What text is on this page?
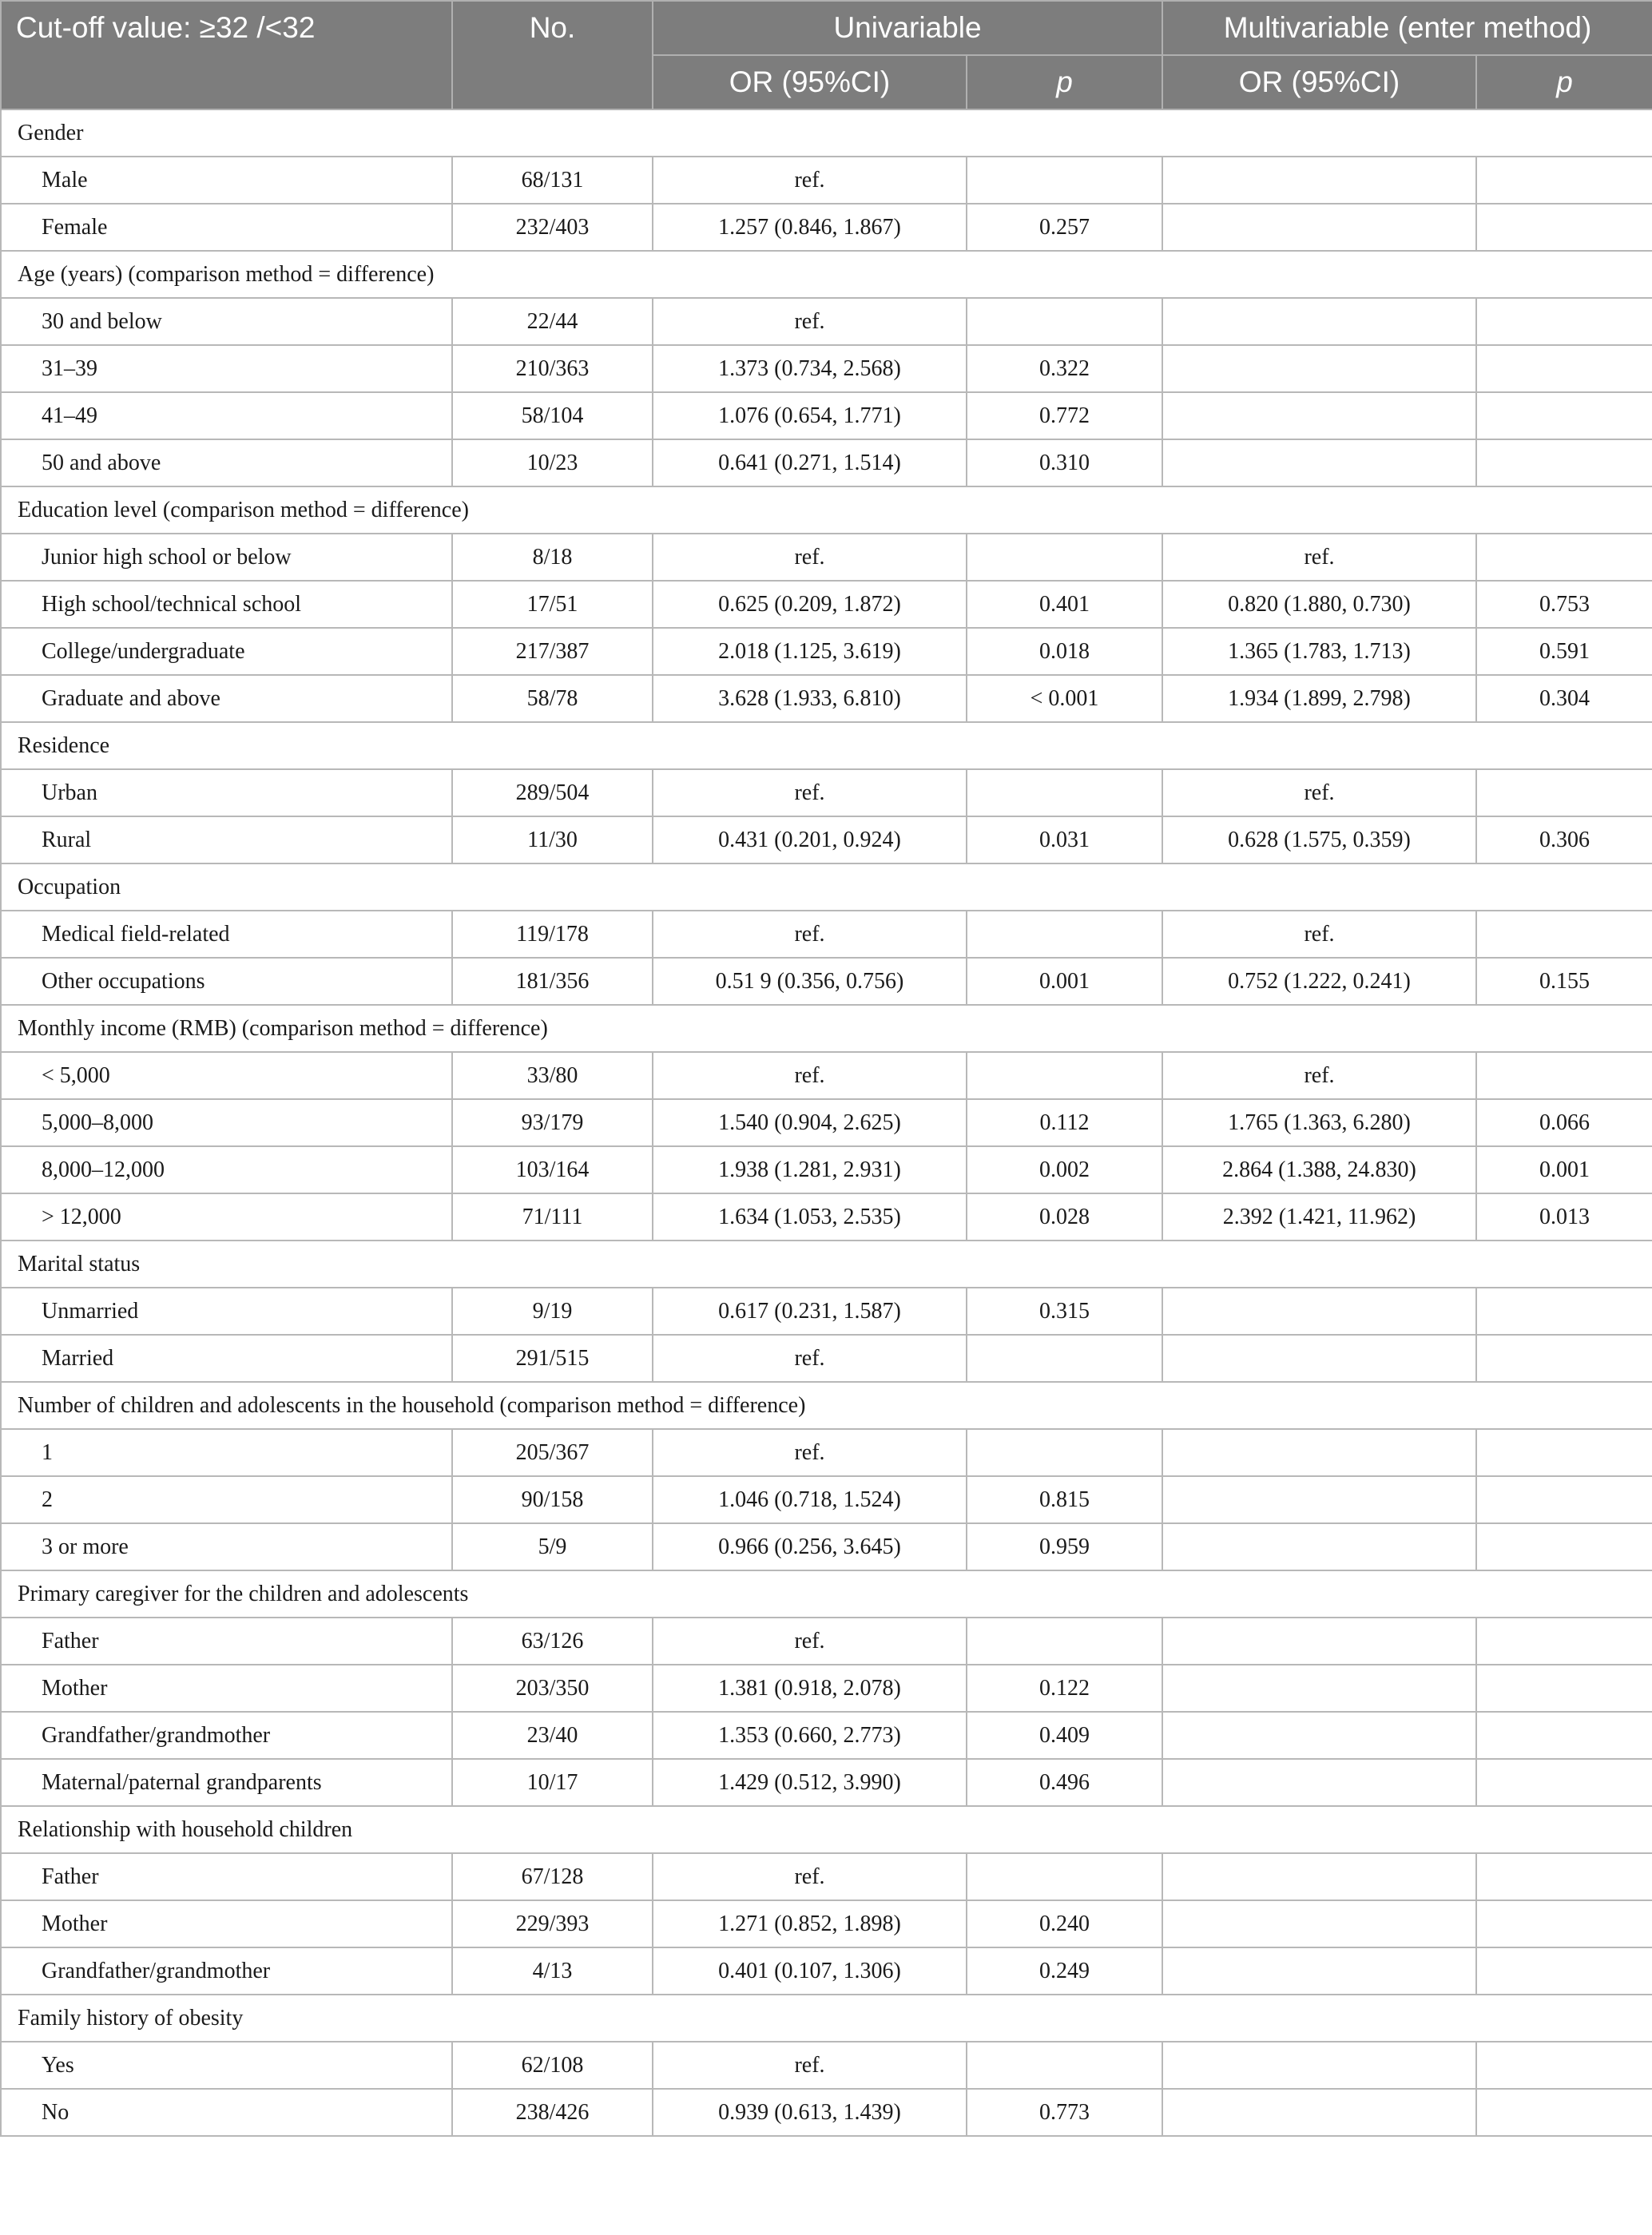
Cut-off value: ≥32 /<32	No.	Univariable		Multivariable (enter method)	
		OR (95%CI)	p	OR (95%CI)	p
Gender					
Male	68/131	ref.			
Female	232/403	1.257 (0.846, 1.867)	0.257		
Age (years) (comparison method = difference)					
30 and below	22/44	ref.			
31–39	210/363	1.373 (0.734, 2.568)	0.322		
41–49	58/104	1.076 (0.654, 1.771)	0.772		
50 and above	10/23	0.641 (0.271, 1.514)	0.310		
Education level (comparison method = difference)					
Junior high school or below	8/18	ref.		ref.	
High school/technical school	17/51	0.625 (0.209, 1.872)	0.401	0.820 (1.880, 0.730)	0.753
College/undergraduate	217/387	2.018 (1.125, 3.619)	0.018	1.365 (1.783, 1.713)	0.591
Graduate and above	58/78	3.628 (1.933, 6.810)	< 0.001	1.934 (1.899, 2.798)	0.304
Residence					
Urban	289/504	ref.		ref.	
Rural	11/30	0.431 (0.201, 0.924)	0.031	0.628 (1.575, 0.359)	0.306
Occupation					
Medical field-related	119/178	ref.		ref.	
Other occupations	181/356	0.51 9 (0.356, 0.756)	0.001	0.752 (1.222, 0.241)	0.155
Monthly income (RMB) (comparison method = difference)					
< 5,000	33/80	ref.		ref.	
5,000–8,000	93/179	1.540 (0.904, 2.625)	0.112	1.765 (1.363, 6.280)	0.066
8,000–12,000	103/164	1.938 (1.281, 2.931)	0.002	2.864 (1.388, 24.830)	0.001
> 12,000	71/111	1.634 (1.053, 2.535)	0.028	2.392 (1.421, 11.962)	0.013
Marital status					
Unmarried	9/19	0.617 (0.231, 1.587)	0.315		
Married	291/515	ref.			
Number of children and adolescents in the household (comparison method = difference)					
1	205/367	ref.			
2	90/158	1.046 (0.718, 1.524)	0.815		
3 or more	5/9	0.966 (0.256, 3.645)	0.959		
Primary caregiver for the children and adolescents					
Father	63/126	ref.			
Mother	203/350	1.381 (0.918, 2.078)	0.122		
Grandfather/grandmother	23/40	1.353 (0.660, 2.773)	0.409		
Maternal/paternal grandparents	10/17	1.429 (0.512, 3.990)	0.496		
Relationship with household children					
Father	67/128	ref.			
Mother	229/393	1.271 (0.852, 1.898)	0.240		
Grandfather/grandmother	4/13	0.401 (0.107, 1.306)	0.249		
Family history of obesity					
Yes	62/108	ref.			
No	238/426	0.939 (0.613, 1.439)	0.773		
